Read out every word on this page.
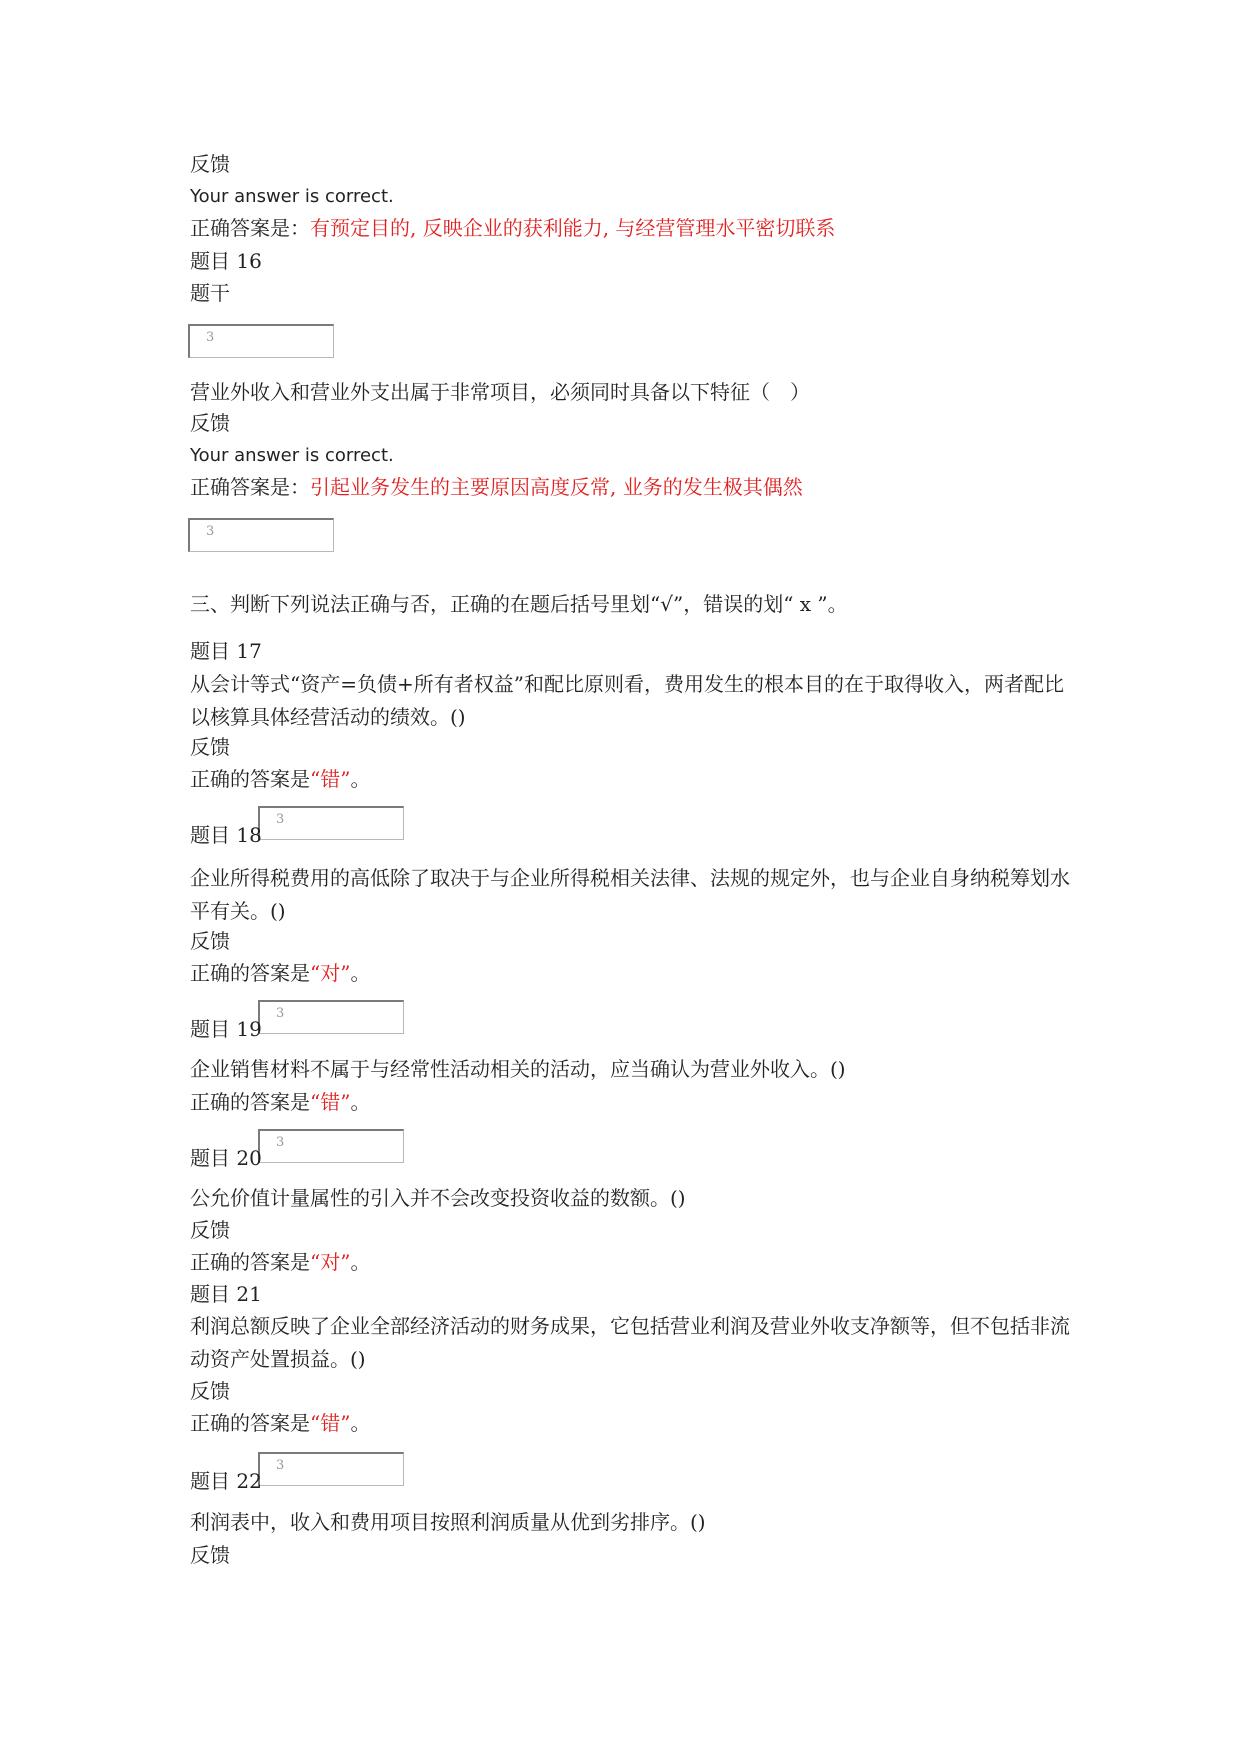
反馈
Your answer is correct.
正确答案是：有预定目的, 反映企业的获利能力, 与经营管理水平密切联系
题目 16
题干
3
营业外收入和营业外支出属于非常项目，必须同时具备以下特征（　）
反馈
Your answer is correct.
正确答案是：引起业务发生的主要原因高度反常, 业务的发生极其偶然
3
三、判断下列说法正确与否，正确的在题后括号里划“√”，错误的划“ x ”。
题目 17
从会计等式“资产=负债+所有者权益”和配比原则看，费用发生的根本目的在于取得收入，两者配比以核算具体经营活动的绩效。()
反馈
正确的答案是“错”。
3
题目 18
企业所得税费用的高低除了取决于与企业所得税相关法律、法规的规定外，也与企业自身纳税筹划水平有关。()
反馈
正确的答案是“对”。
3
题目 19
企业销售材料不属于与经常性活动相关的活动，应当确认为营业外收入。()
正确的答案是“错”。
3
题目 20
公允价值计量属性的引入并不会改变投资收益的数额。()
反馈
正确的答案是“对”。
题目 21
利润总额反映了企业全部经济活动的财务成果，它包括营业利润及营业外收支净额等，但不包括非流动资产处置损益。()
反馈
正确的答案是“错”。
3
题目 22
利润表中，收入和费用项目按照利润质量从优到劣排序。()
反馈
